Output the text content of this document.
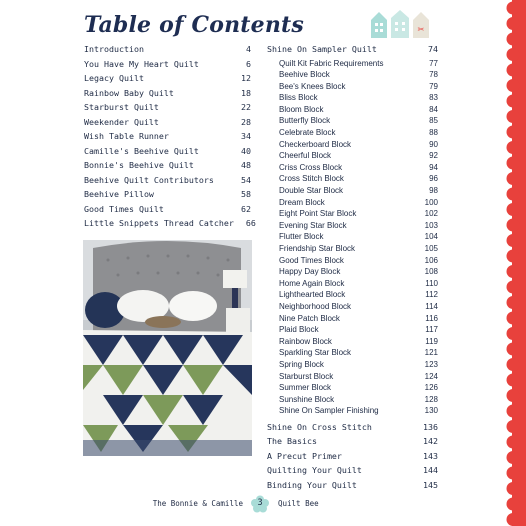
Table of Contents	✂
Introduction	4
You Have My Heart Quilt	6
Legacy Quilt	12
Rainbow Baby Quilt	18
Starburst Quilt	22
Weekender Quilt	28
Wish Table Runner	34
Camille's Beehive Quilt	40
Bonnie's Beehive Quilt	48
Beehive Quilt Contributors	54
Beehive Pillow	58
Good Times Quilt	62
Little Snippets Thread Catcher	66
Shine On Sampler Quilt	74
Quilt Kit Fabric Requirements	77
Beehive Block	78
Bee's Knees Block	79
Bliss Block	83
Bloom Block	84
Butterfly Block	85
Celebrate Block	88
Checkerboard Block	90
Cheerful Block	92
Criss Cross Block	94
Cross Stitch Block	96
Double Star Block	98
Dream Block	100
Eight Point Star Block	102
Evening Star Block	103
Flutter Block	104
Friendship Star Block	105
Good Times Block	106
Happy Day Block	108
Home Again Block	110
Lighthearted Block	112
Neighborhood Block	114
Nine Patch Block	116
Plaid Block	117
Rainbow Block	119
Sparkling Star Block	121
Spring Block	123
Starburst Block	124
Summer Block	126
Sunshine Block	128
Shine On Sampler Finishing	130
Shine On Cross Stitch	136
The Basics	142
A Precut Primer	143
Quilting Your Quilt	144
Binding Your Quilt	145
The Bonnie & Camille	3	Quilt Bee
